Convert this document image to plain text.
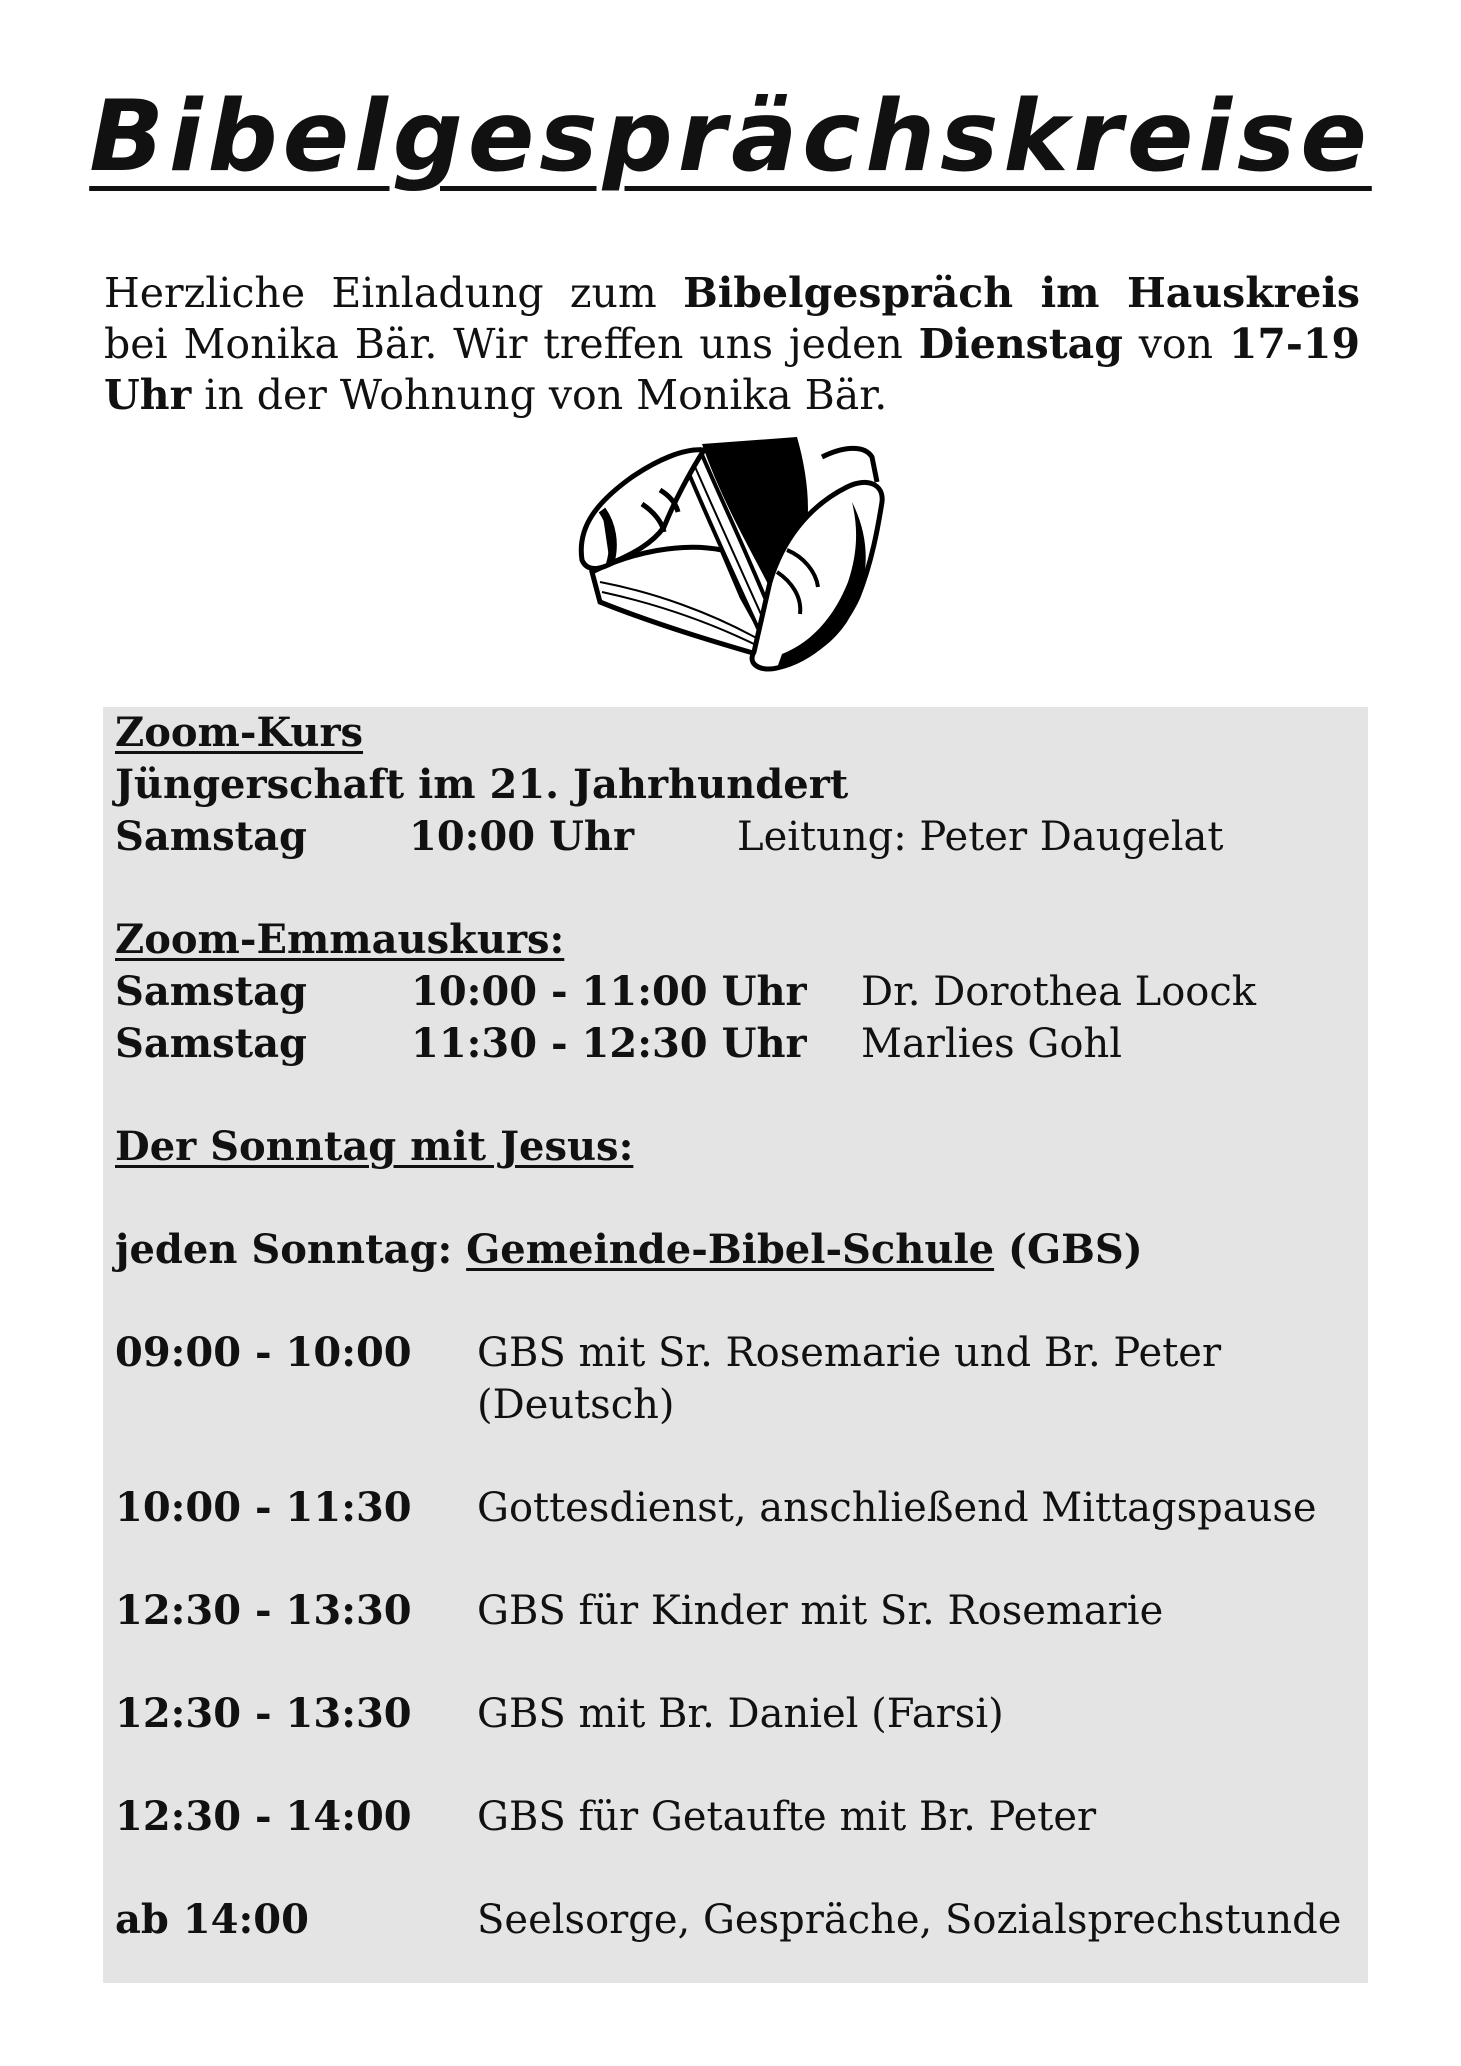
Bibelgesprächskreise

Herzliche Einladung zum Bibelgespräch im Hauskreis bei Monika Bär. Wir treffen uns jeden Dienstag von 17-19 Uhr in der Wohnung von Monika Bär.

Zoom-Kurs
Jüngerschaft im 21. Jahrhundert
Samstag	10:00 Uhr	Leitung: Peter Daugelat
Zoom-Emmauskurs:
Samstag	10:00 - 11:00 Uhr Dr. Dorothea Loock
Samstag	11:30 - 12:30 Uhr Marlies Gohl
Der Sonntag mit Jesus:
jeden Sonntag: Gemeinde-Bibel-Schule (GBS)
09:00 - 10:00 GBS mit Sr. Rosemarie und Br. Peter
(Deutsch)
10:00 - 11:30 Gottesdienst, anschließend Mittagspause
12:30 - 13:30 GBS für Kinder mit Sr. Rosemarie
12:30 - 13:30 GBS mit Br. Daniel (Farsi)
12:30 - 14:00 GBS für Getaufte mit Br. Peter
ab 14:00	Seelsorge, Gespräche, Sozialsprechstunde
